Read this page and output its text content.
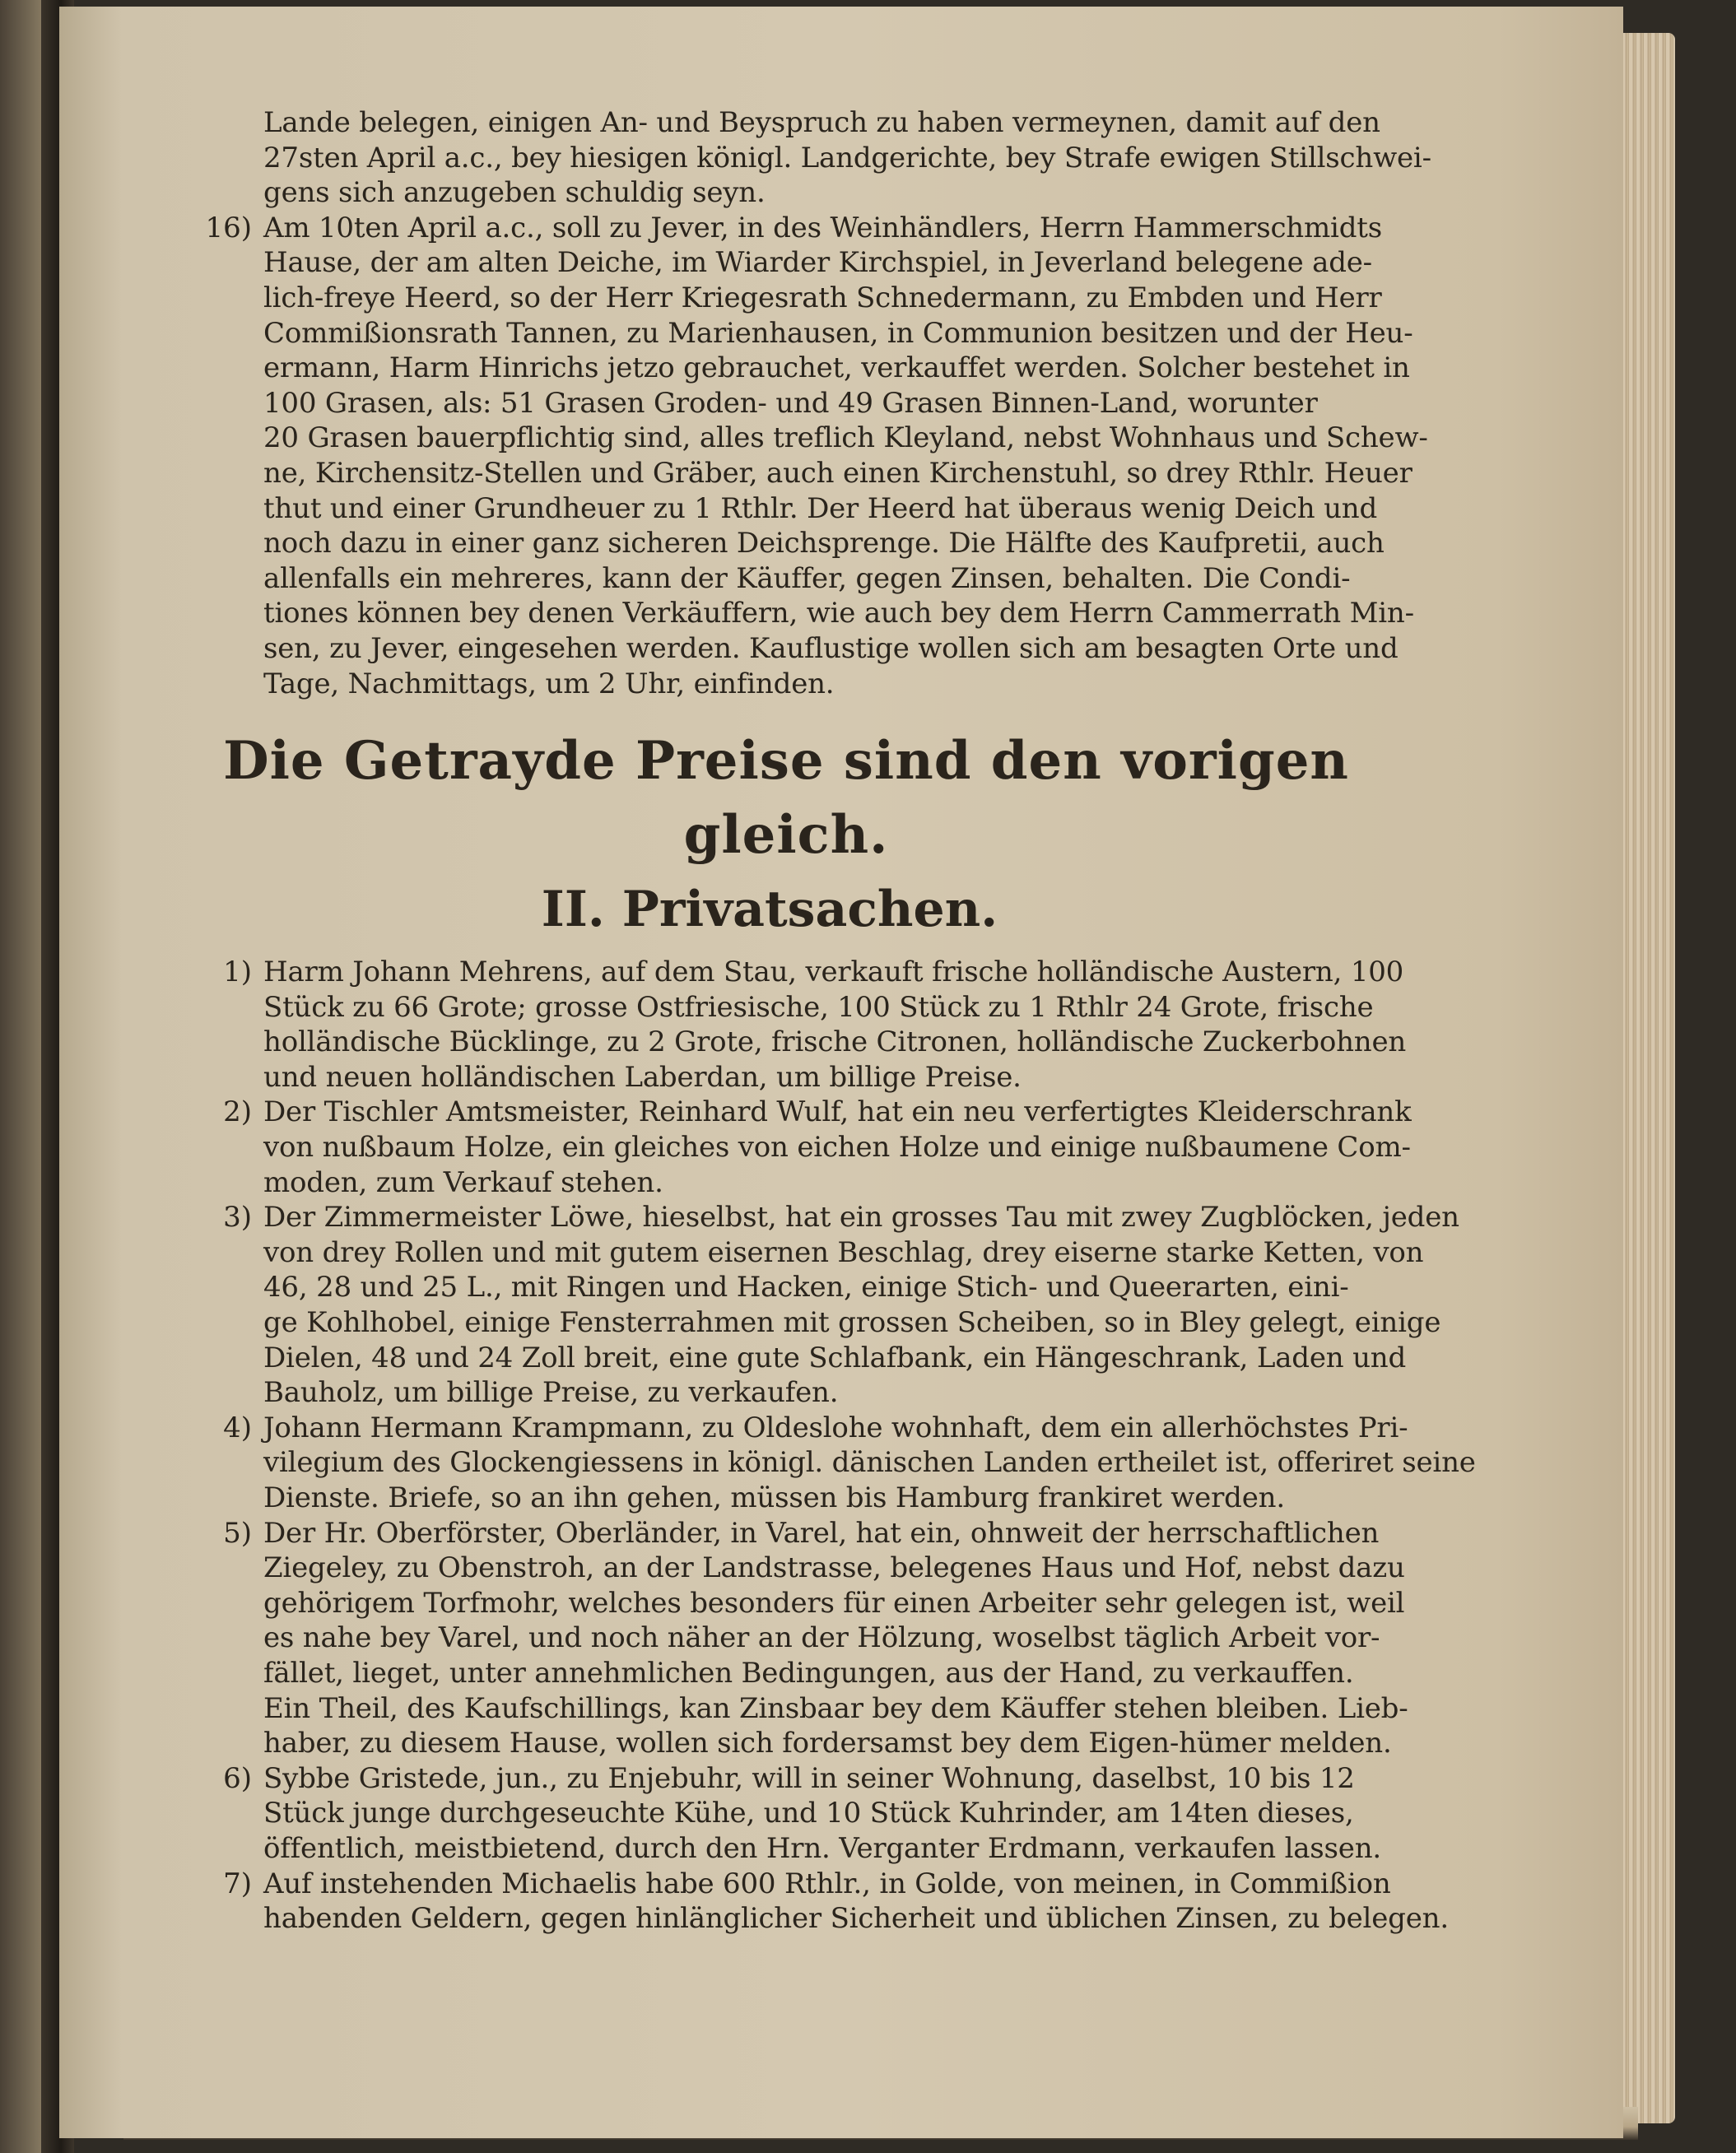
Lande belegen, einigen An- und Beyspruch zu haben vermeynen, damit auf den
27sten April a.c., bey hiesigen königl. Landgerichte, bey Strafe ewigen Stillschwei-
gens sich anzugeben schuldig seyn.
16) Am 10ten April a.c., soll zu Jever, in des Weinhändlers, Herrn Hammerschmidts
Hause, der am alten Deiche, im Wiarder Kirchspiel, in Jeverland belegene ade-
lich-freye Heerd, so der Herr Kriegesrath Schnedermann, zu Embden und Herr
Commißionsrath Tannen, zu Marienhausen, in Communion besitzen und der Heu-
ermann, Harm Hinrichs jetzo gebrauchet, verkauffet werden. Solcher bestehet in
100 Grasen, als: 51 Grasen Groden- und 49 Grasen Binnen-Land, worunter
20 Grasen bauerpflichtig sind, alles treflich Kleyland, nebst Wohnhaus und Schew-
ne, Kirchensitz-Stellen und Gräber, auch einen Kirchenstuhl, so drey Rthlr. Heuer
thut und einer Grundheuer zu 1 Rthlr. Der Heerd hat überaus wenig Deich und
noch dazu in einer ganz sicheren Deichsprenge. Die Hälfte des Kaufpretii, auch
allenfalls ein mehreres, kann der Käuffer, gegen Zinsen, behalten. Die Condi-
tiones können bey denen Verkäuffern, wie auch bey dem Herrn Cammerrath Min-
sen, zu Jever, eingesehen werden. Kauflustige wollen sich am besagten Orte und
Tage, Nachmittags, um 2 Uhr, einfinden.
Die Getrayde Preise sind den vorigen gleich.
II. Privatsachen.
1) Harm Johann Mehrens, auf dem Stau, verkauft frische holländische Austern, 100
Stück zu 66 Grote; grosse Ostfriesische, 100 Stück zu 1 Rthlr 24 Grote, frische
holländische Bücklinge, zu 2 Grote, frische Citronen, holländische Zuckerbohnen
und neuen holländischen Laberdan, um billige Preise.
2) Der Tischler Amtsmeister, Reinhard Wulf, hat ein neu verfertigtes Kleiderschrank
von nußbaum Holze, ein gleiches von eichen Holze und einige nußbaumene Com-
moden, zum Verkauf stehen.
3) Der Zimmermeister Löwe, hieselbst, hat ein grosses Tau mit zwey Zugblöcken, jeden
von drey Rollen und mit gutem eisernen Beschlag, drey eiserne starke Ketten, von
46, 28 und 25 L., mit Ringen und Hacken, einige Stich- und Queerarten, eini-
ge Kohlhobel, einige Fensterrahmen mit grossen Scheiben, so in Bley gelegt, einige
Dielen, 48 und 24 Zoll breit, eine gute Schlafbank, ein Hängeschrank, Laden und
Bauholz, um billige Preise, zu verkaufen.
4) Johann Hermann Krampmann, zu Oldeslohe wohnhaft, dem ein allerhöchstes Pri-
vilegium des Glockengiessens in königl. dänischen Landen ertheilet ist, offeriret seine
Dienste. Briefe, so an ihn gehen, müssen bis Hamburg frankiret werden.
5) Der Hr. Oberförster, Oberländer, in Varel, hat ein, ohnweit der herrschaftlichen
Ziegeley, zu Obenstroh, an der Landstrasse, belegenes Haus und Hof, nebst dazu
gehörigem Torfmohr, welches besonders für einen Arbeiter sehr gelegen ist, weil
es nahe bey Varel, und noch näher an der Hölzung, woselbst täglich Arbeit vor-
fället, lieget, unter annehmlichen Bedingungen, aus der Hand, zu verkauffen.
Ein Theil, des Kaufschillings, kan Zinsbaar bey dem Käuffer stehen bleiben. Lieb-
haber, zu diesem Hause, wollen sich fordersamst bey dem Eigen-hümer melden.
6) Sybbe Gristede, jun., zu Enjebuhr, will in seiner Wohnung, daselbst, 10 bis 12
Stück junge durchgeseuchte Kühe, und 10 Stück Kuhrinder, am 14ten dieses,
öffentlich, meistbietend, durch den Hrn. Verganter Erdmann, verkaufen lassen.
7) Auf instehenden Michaelis habe 600 Rthlr., in Golde, von meinen, in Commißion
habenden Geldern, gegen hinlänglicher Sicherheit und üblichen Zinsen, zu belegen.
